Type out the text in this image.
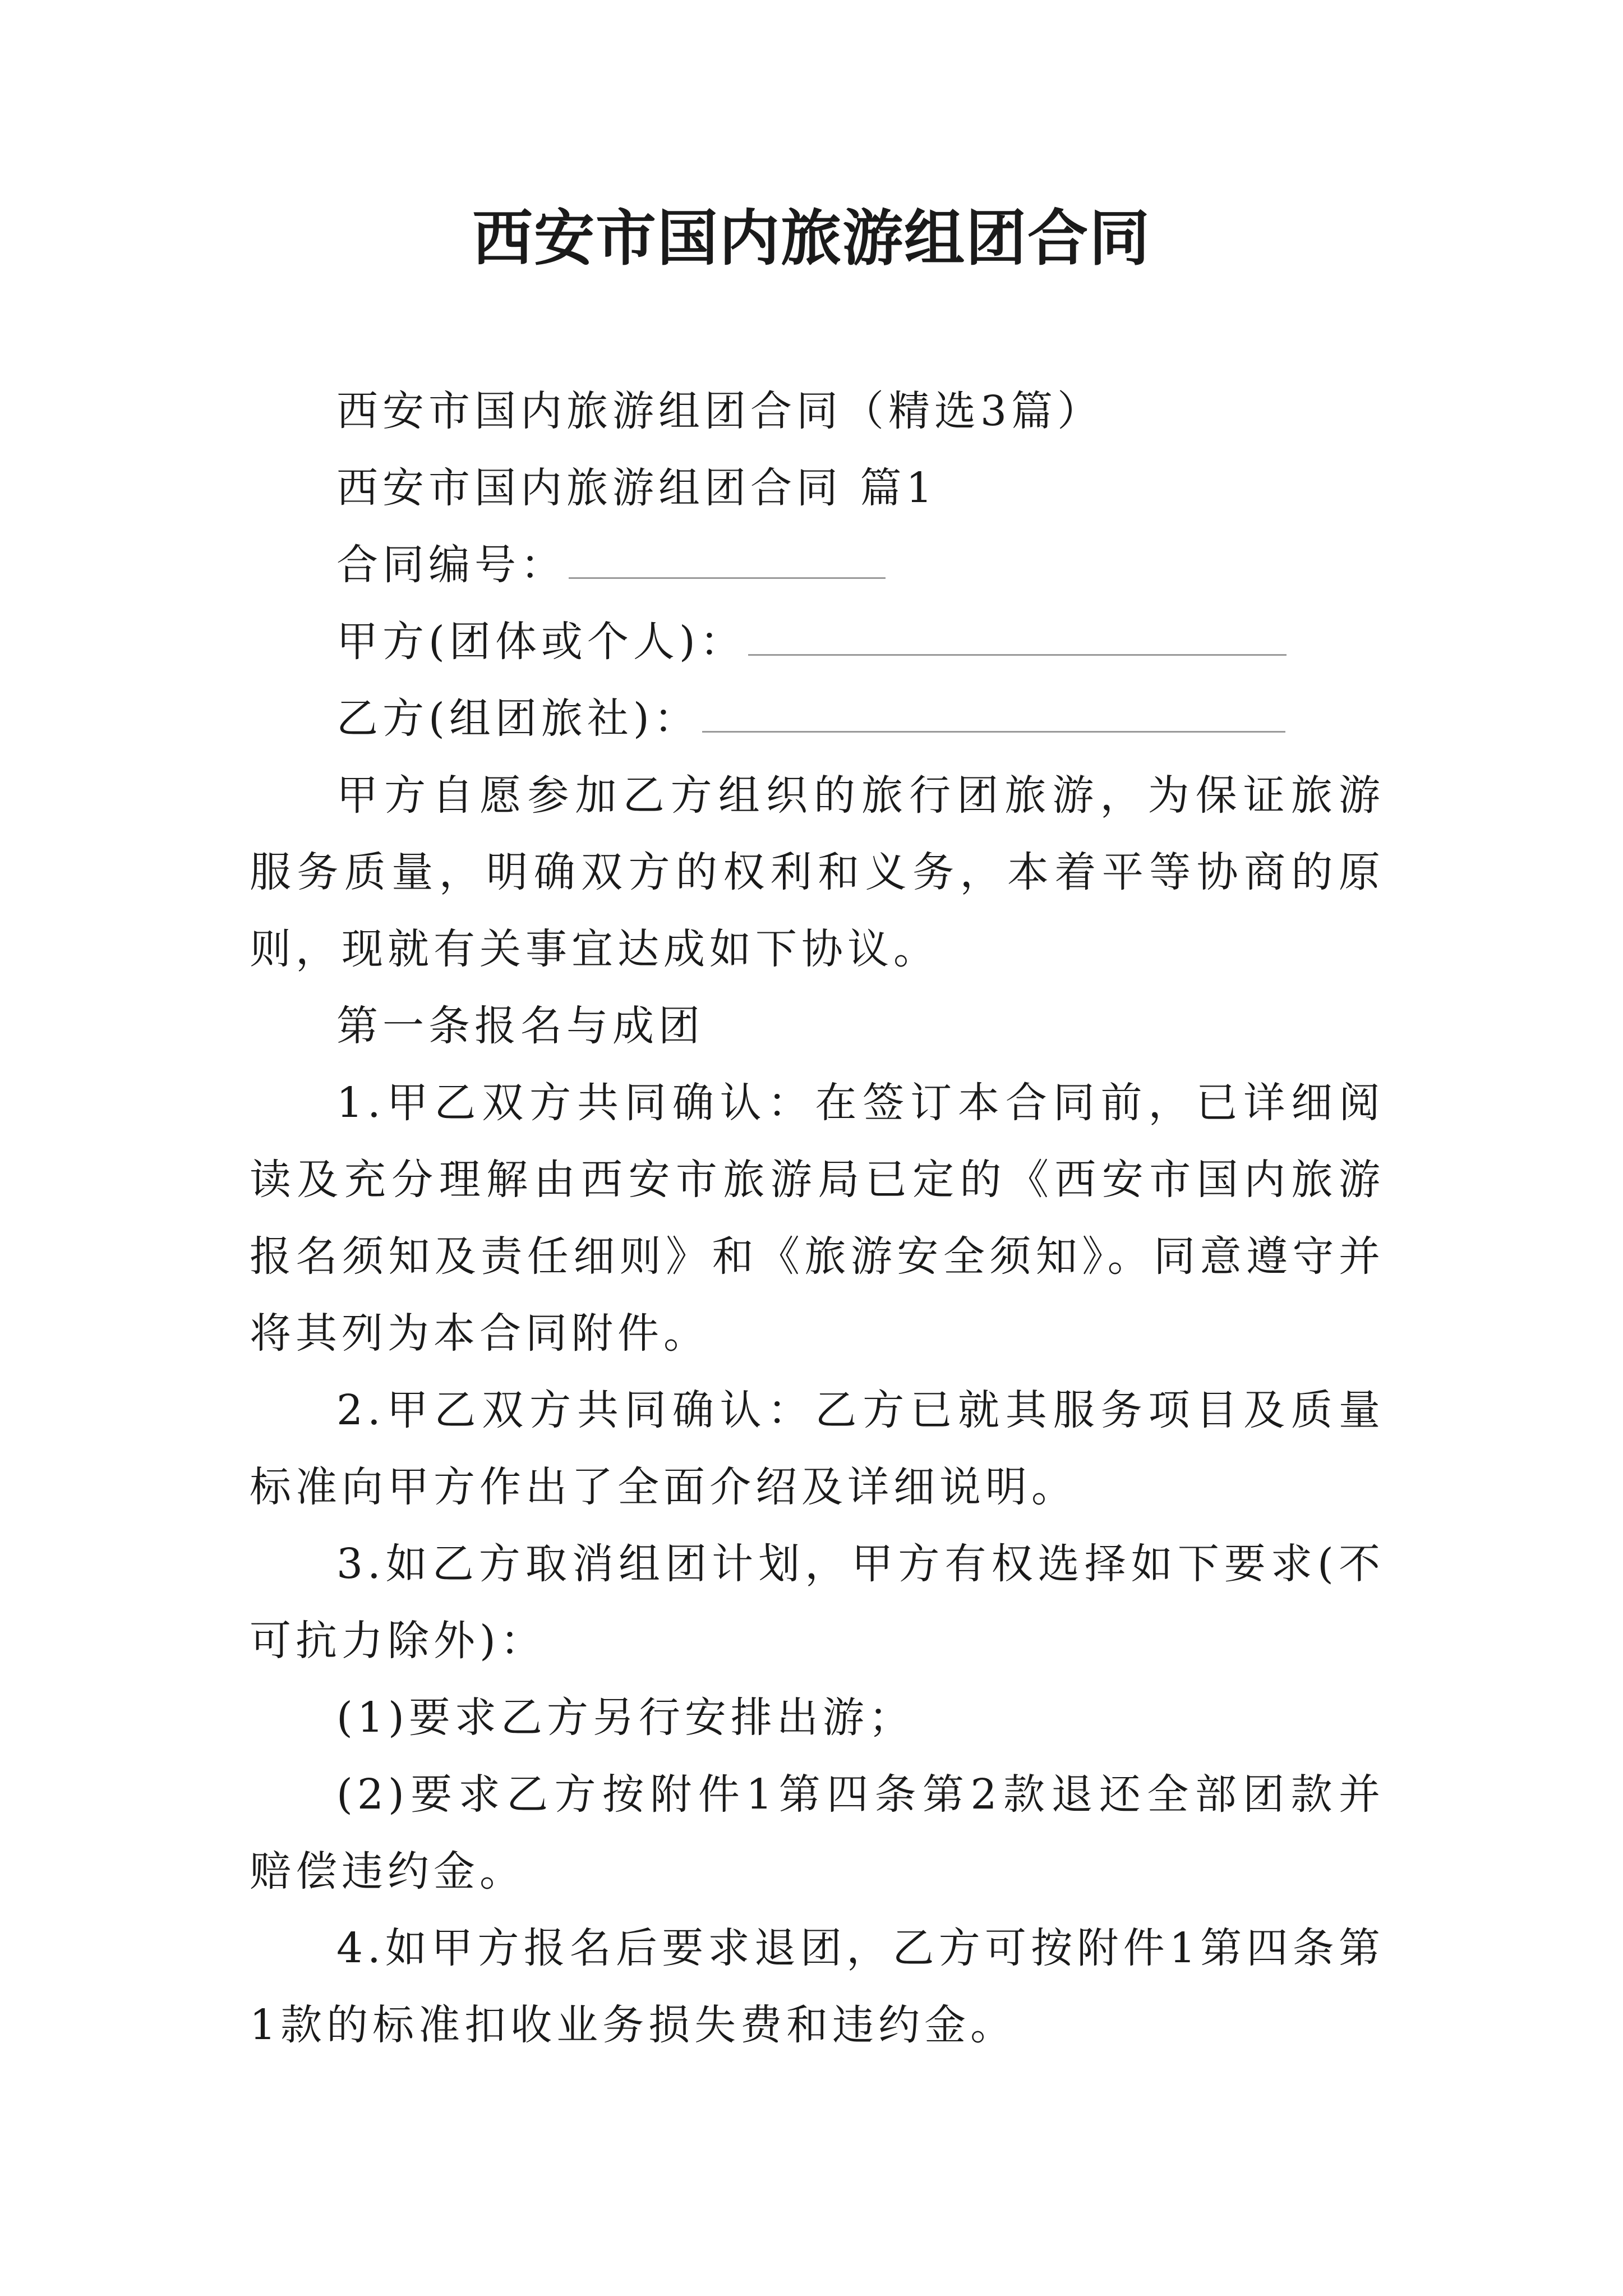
西安市国内旅游组团合同

西安市国内旅游组团合同（精选3篇）

西安市国内旅游组团合同 篇1

合同编号：

甲方(团体或个人)：

乙方(组团旅社)：

甲方自愿参加乙方组织的旅行团旅游，为保证旅游服务质量，明确双方的权利和义务，本着平等协商的原则，现就有关事宜达成如下协议。

第一条报名与成团

1.甲乙双方共同确认：在签订本合同前，已详细阅读及充分理解由西安市旅游局已定的《西安市国内旅游报名须知及责任细则》和《旅游安全须知》。同意遵守并将其列为本合同附件。

2.甲乙双方共同确认：乙方已就其服务项目及质量标准向甲方作出了全面介绍及详细说明。

3.如乙方取消组团计划，甲方有权选择如下要求(不可抗力除外)：

(1)要求乙方另行安排出游；

(2)要求乙方按附件1第四条第2款退还全部团款并赔偿违约金。

4.如甲方报名后要求退团，乙方可按附件1第四条第1款的标准扣收业务损失费和违约金。
